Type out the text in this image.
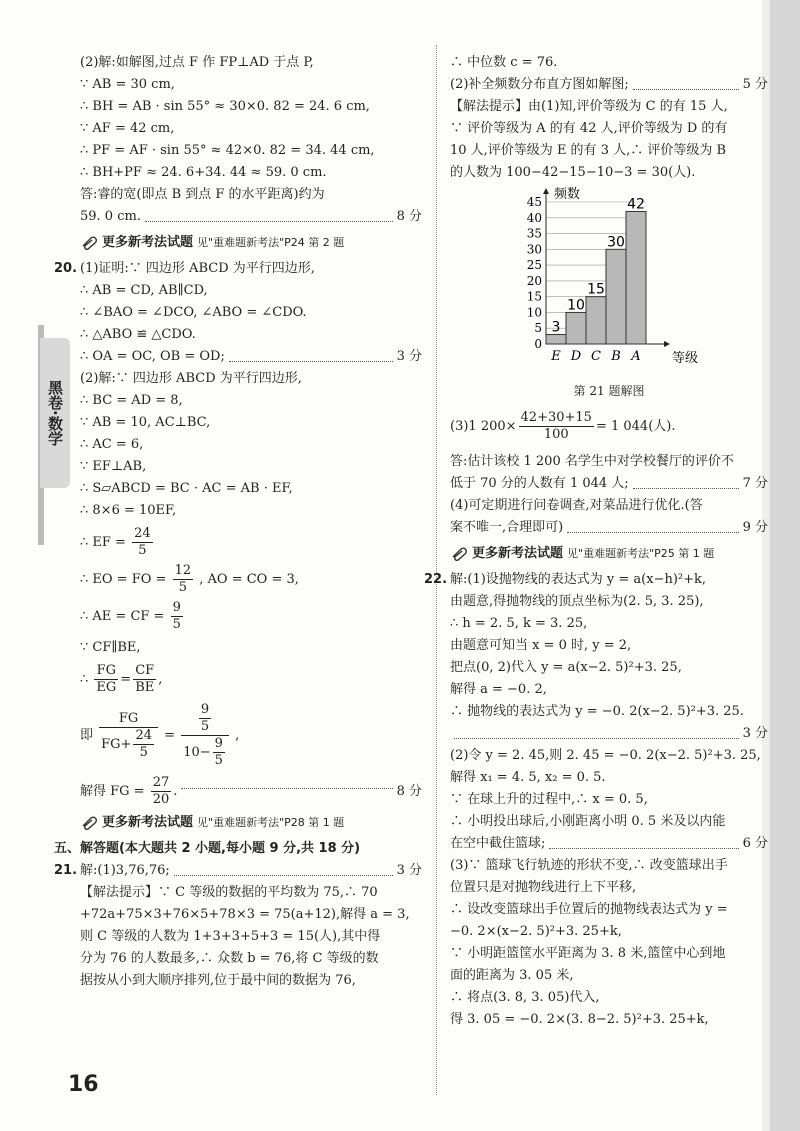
黑卷·数学
(2)解:如解图,过点 F 作 FP⊥AD 于点 P,
∵ AB = 30 cm,
∴ BH = AB · sin 55° ≈ 30×0. 82 = 24. 6 cm,
∵ AF = 42 cm,
∴ PF = AF · sin 55° ≈ 42×0. 82 = 34. 44 cm,
∴ BH+PF ≈ 24. 6+34. 44 ≈ 59. 0 cm.
答:睿的宽(即点 B 到点 F 的水平距离)约为
59. 0 cm.	8 分
更多新考法试题 见"重难题新考法"P24 第 2 题
20. (1)证明:∵ 四边形 ABCD 为平行四边形,
∴ AB = CD, AB∥CD,
∴ ∠BAO = ∠DCO, ∠ABO = ∠CDO.
∴ △ABO ≌ △CDO.
∴ OA = OC, OB = OD;	3 分
(2)解:∵ 四边形 ABCD 为平行四边形,
∴ BC = AD = 8,
∵ AB = 10, AC⊥BC,
∴ AC = 6,
∵ EF⊥AB,
∴ S▱ABCD = BC · AC = AB · EF,
∴ 8×6 = 10EF,
∴ EF = $\frac{24}{5}$
∴ EO = FO = $\frac{12}{5}$ , AO = CO = 3,
∴ AE = CF = $\frac{9}{5}$
∵ CF∥BE,
∴ $\frac{FG}{EG} = \frac{CF}{BE}$ ,
即 $\frac{FG}{FG+ \frac{24}{5}} = \frac{\frac{9}{5}}{10- \frac{9}{5}}$ ,
解得 FG = $\frac{27}{20}$ .	8 分
更多新考法试题 见"重难题新考法"P28 第 1 题
五、解答题(本大题共 2 小题,每小题 9 分,共 18 分)
21. 解:(1)3,76,76;	3 分
【解法提示】∵ C 等级的数据的平均数为 75,∴ 70
+72a+75×3+76×5+78×3 = 75(a+12),解得 a = 3,
则 C 等级的人数为 1+3+3+5+3 = 15(人),其中得
分为 76 的人数最多,∴ 众数 b = 76,将 C 等级的数
据按从小到大顺序排列,位于最中间的数据为 76,
∴ 中位数 c = 76.
(2)补全频数分布直方图如解图;	5 分
【解法提示】由(1)知,评价等级为 C 的有 15 人,
∵ 评价等级为 A 的有 42 人,评价等级为 D 的有
10 人,评价等级为 E 的有 3 人,∴ 评价等级为 B
的人数为 100−42−15−10−3 = 30(人).
0
5
10
15
20
25
30
35
40
45 频数
等级
3
E
10
D
15
C
30
B
42
A
第 21 题解图
(3)1 $200\times \frac{42+30+15}{100} = 1$ 044(人).
答:估计该校 1 200 名学生中对学校餐厅的评价不
低于 70 分的人数有 1 044 人;	7 分
(4)可定期进行问卷调查,对菜品进行优化.(答
案不唯一,合理即可)	9 分
更多新考法试题 见"重难题新考法"P25 第 1 题
22. 解:(1)设抛物线的表达式为 y = a(x−h)²+k,
由题意,得抛物线的顶点坐标为(2. 5, 3. 25),
∴ h = 2. 5, k = 3. 25,
由题意可知当 x = 0 时, y = 2,
把点(0, 2)代入 y = a(x−2. 5)²+3. 25,
解得 a = −0. 2,
∴ 抛物线的表达式为 y = −0. 2(x−2. 5)²+3. 25.
3 分
(2)令 y = 2. 45,则 2. 45 = −0. 2(x−2. 5)²+3. 25,
解得 x₁ = 4. 5, x₂ = 0. 5.
∵ 在球上升的过程中,∴ x = 0. 5,
∴ 小明投出球后,小刚距离小明 0. 5 米及以内能
在空中截住篮球;	6 分
(3)∵ 篮球飞行轨迹的形状不变,∴ 改变篮球出手
位置只是对抛物线进行上下平移,
∴ 设改变篮球出手位置后的抛物线表达式为 y =
−0. 2×(x−2. 5)²+3. 25+k,
∵ 小明距篮筐水平距离为 3. 8 米,篮筐中心到地
面的距离为 3. 05 米,
∴ 将点(3. 8, 3. 05)代入,
得 3. 05 = −0. 2×(3. 8−2. 5)²+3. 25+k,
16
